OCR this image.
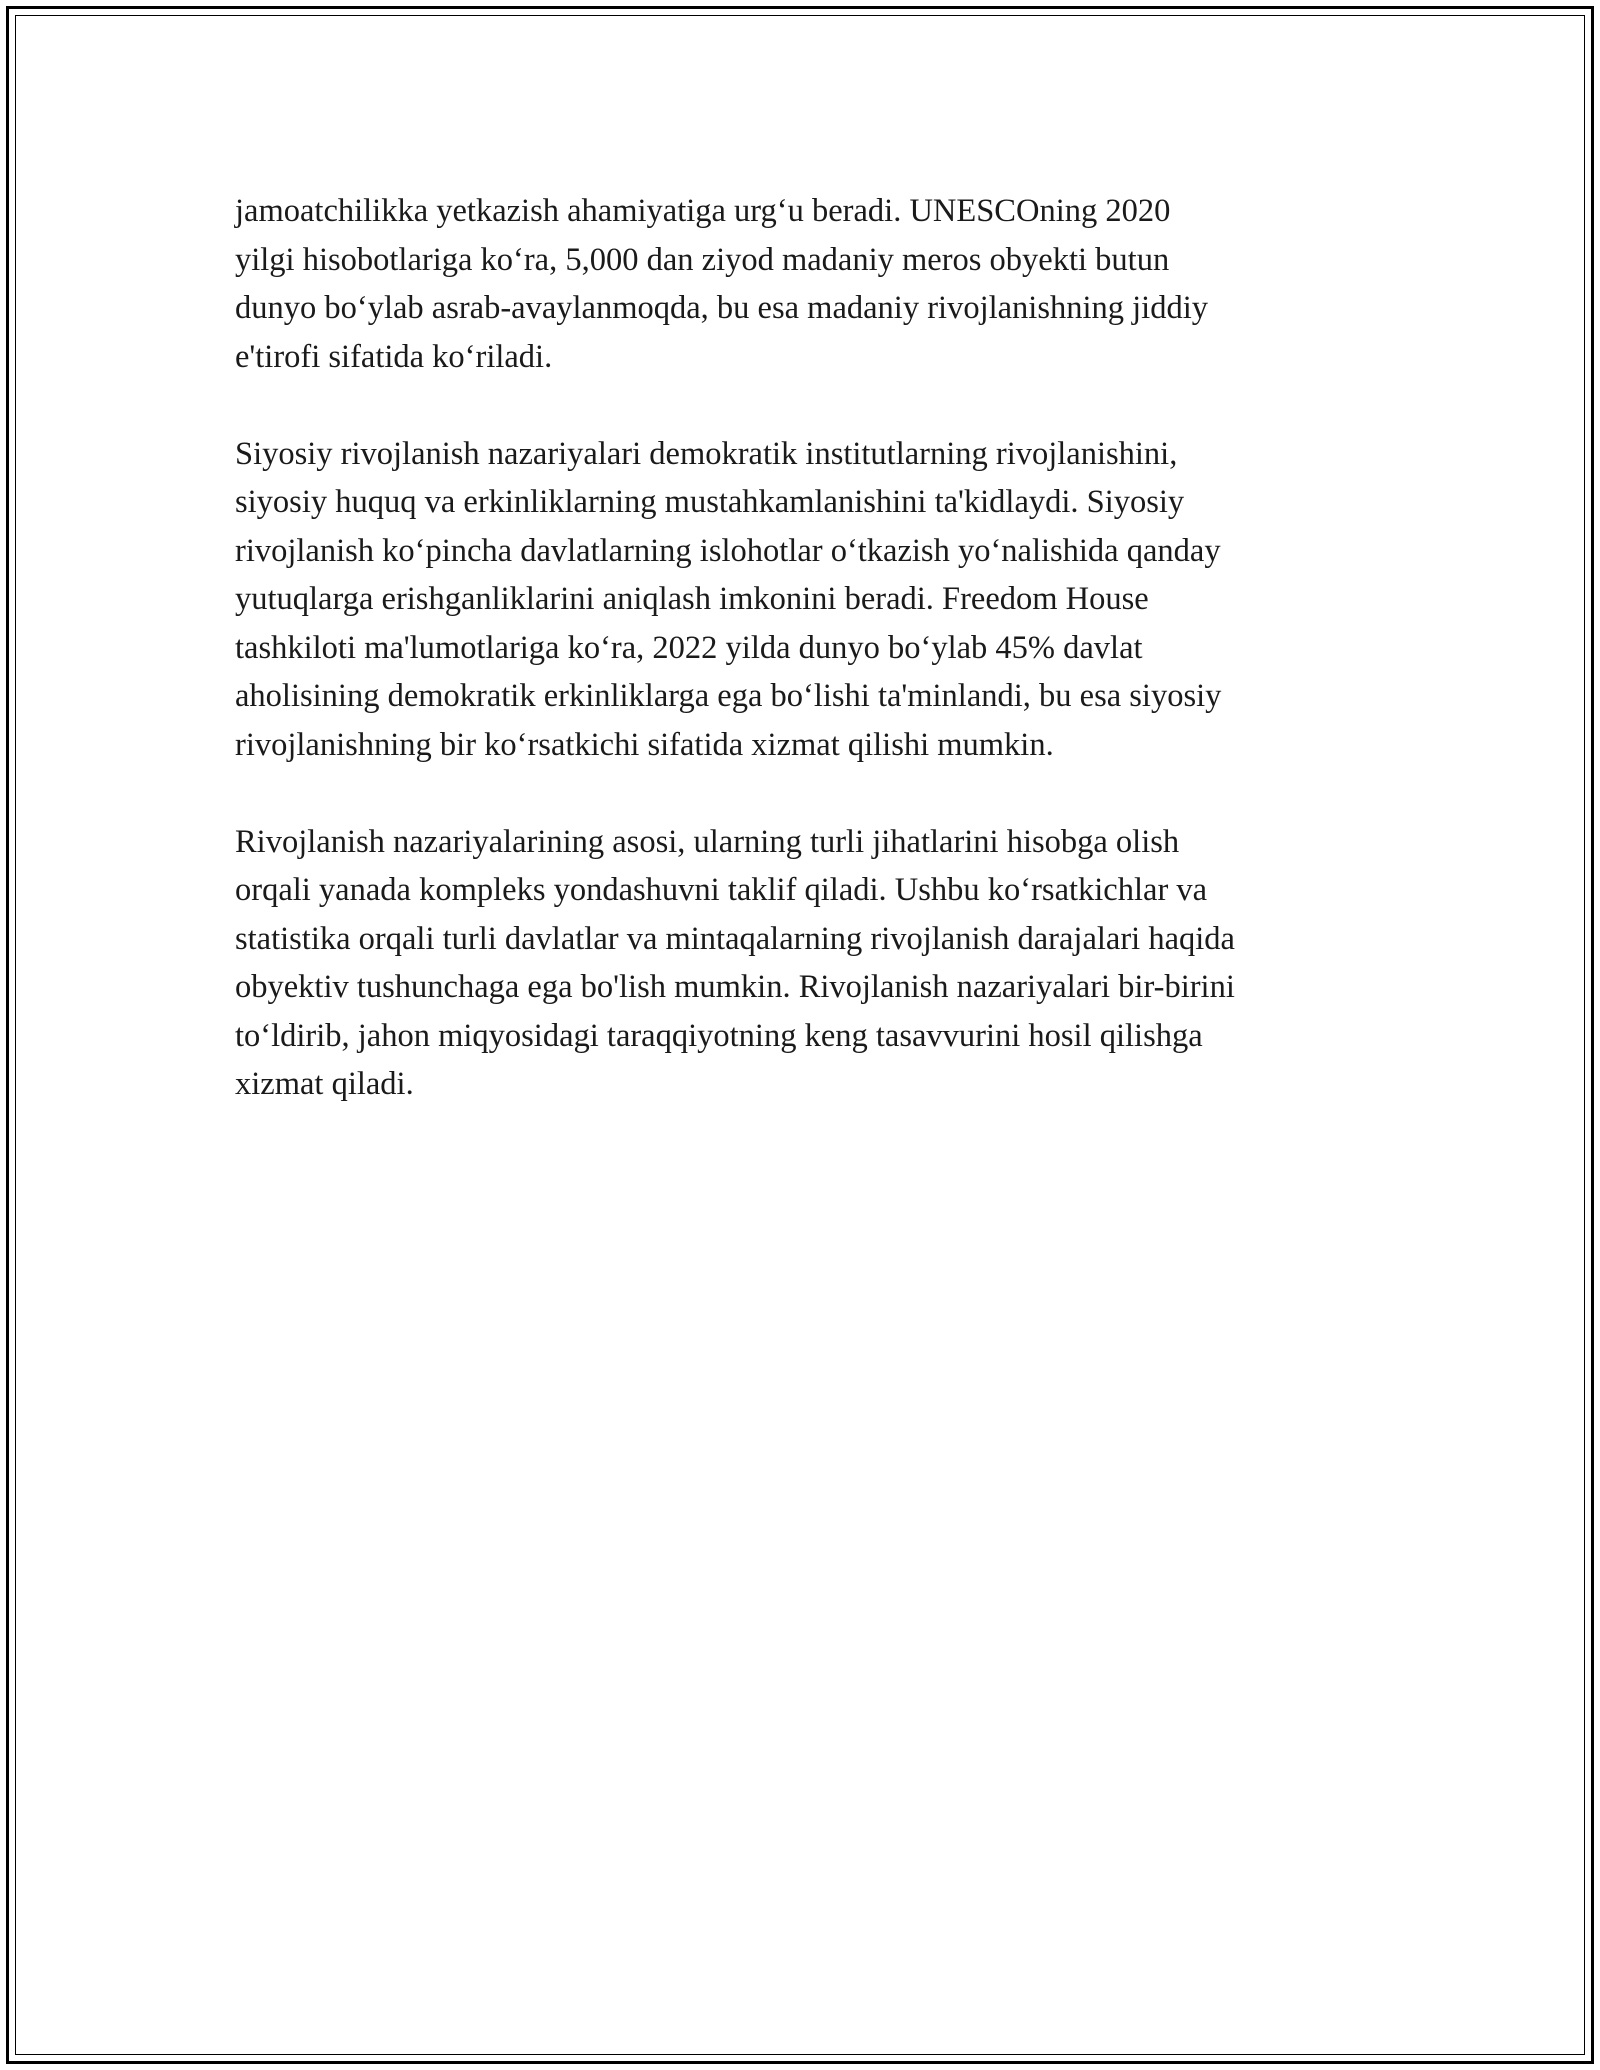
jamoatchilikka yetkazish ahamiyatiga urg‘u beradi. UNESCOning 2020
yilgi hisobotlariga ko‘ra, 5,000 dan ziyod madaniy meros obyekti butun
dunyo bo‘ylab asrab-avaylanmoqda, bu esa madaniy rivojlanishning jiddiy
e'tirofi sifatida ko‘riladi.

Siyosiy rivojlanish nazariyalari demokratik institutlarning rivojlanishini,
siyosiy huquq va erkinliklarning mustahkamlanishini ta'kidlaydi. Siyosiy
rivojlanish ko‘pincha davlatlarning islohotlar o‘tkazish yo‘nalishida qanday
yutuqlarga erishganliklarini aniqlash imkonini beradi. Freedom House
tashkiloti ma'lumotlariga ko‘ra, 2022 yilda dunyo bo‘ylab 45% davlat
aholisining demokratik erkinliklarga ega bo‘lishi ta'minlandi, bu esa siyosiy
rivojlanishning bir ko‘rsatkichi sifatida xizmat qilishi mumkin.

Rivojlanish nazariyalarining asosi, ularning turli jihatlarini hisobga olish
orqali yanada kompleks yondashuvni taklif qiladi. Ushbu ko‘rsatkichlar va
statistika orqali turli davlatlar va mintaqalarning rivojlanish darajalari haqida
obyektiv tushunchaga ega bo'lish mumkin. Rivojlanish nazariyalari bir-birini
to‘ldirib, jahon miqyosidagi taraqqiyotning keng tasavvurini hosil qilishga
xizmat qiladi.
